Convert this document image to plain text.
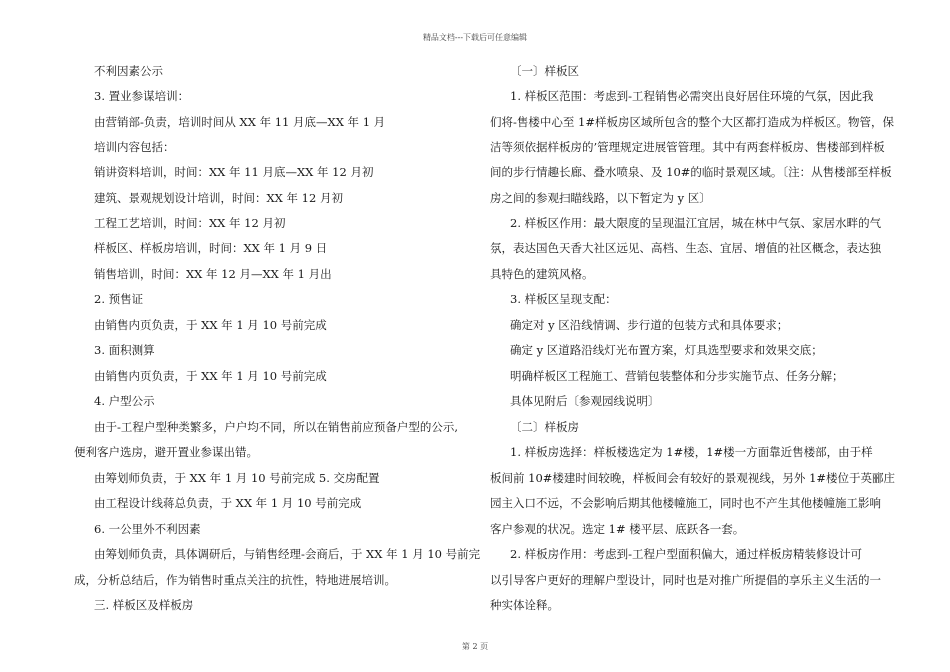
精品文档---下载后可任意编辑
不利因素公示
3. 置业参谋培训：
由营销部-负责，培训时间从 XX 年 11 月底—XX 年 1 月
培训内容包括：
销讲资料培训，时间：XX 年 11 月底—XX 年 12 月初
建筑、景观规划设计培训，时间：XX 年 12 月初
工程工艺培训，时间：XX 年 12 月初
样板区、样板房培训，时间：XX 年 1 月 9 日
销售培训，时间：XX 年 12 月—XX 年 1 月出
2. 预售证
由销售内页负责，于 XX 年 1 月 10 号前完成
3. 面积测算
由销售内页负责，于 XX 年 1 月 10 号前完成
4. 户型公示
由于-工程户型种类繁多，户户均不同，所以在销售前应预备户型的公示,
便利客户选房，避开置业参谋出错。
由筹划师负责，于 XX 年 1 月 10 号前完成 5. 交房配置
由工程设计线蒋总负责，于 XX 年 1 月 10 号前完成
6. 一公里外不利因素
由筹划师负责，具体调研后，与销售经理-会商后，于 XX 年 1 月 10 号前完
成，分析总结后，作为销售时重点关注的抗性，特地进展培训。
三. 样板区及样板房
〔一〕样板区
1. 样板区范围：考虑到-工程销售必需突出良好居住环境的气氛，因此我
们将-售楼中心至 1#样板房区域所包含的整个大区都打造成为样板区。物管，保
洁等须依据样板房的’管理规定进展管管理。其中有两套样板房、售楼部到样板
间的步行情趣长廊、叠水喷泉、及 10#的临时景观区域。〔注：从售楼部至样板
房之间的参观扫瞄线路，以下暂定为 y 区〕
2. 样板区作用：最大限度的呈现温江宜居，城在林中气氛、家居水畔的气
氛，表达国色天香大社区远见、高档、生态、宜居、增值的社区概念，表达独
具特色的建筑风格。
3. 样板区呈现支配：
确定对 y 区沿线情调、步行道的包装方式和具体要求；
确定 y 区道路沿线灯光布置方案，灯具选型要求和效果交底；
明确样板区工程施工、营销包装整体和分步实施节点、任务分解；
具体见附后〔参观园线说明〕
〔二〕样板房
1. 样板房选择：样板楼选定为 1#楼，1#楼一方面靠近售楼部，由于样
板间前 10#楼建时间较晚，样板间会有较好的景观视线，另外 1#楼位于英郦庄
园主入口不远，不会影响后期其他楼幢施工，同时也不产生其他楼幢施工影响
客户参观的状况。选定 1# 楼平层、底跃各一套。
2. 样板房作用：考虑到-工程户型面积偏大，通过样板房精装修设计可
以引导客户更好的理解户型设计，同时也是对推广所提倡的享乐主义生活的一
种实体诠释。
第 2 页
